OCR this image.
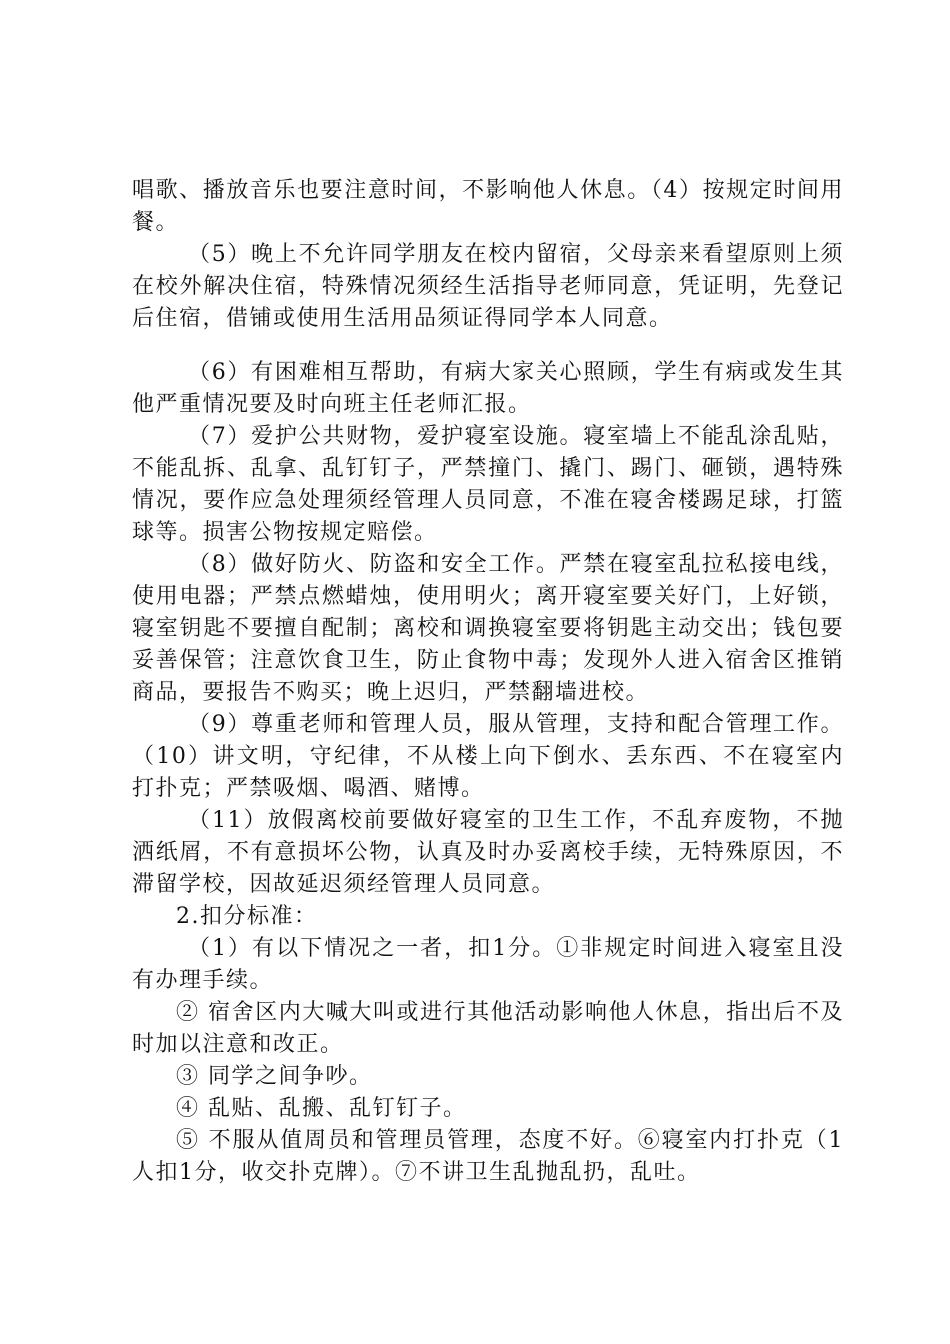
唱歌、播放音乐也要注意时间，不影响他人休息。（4）按规定时间用餐。

（5）晚上不允许同学朋友在校内留宿，父母亲来看望原则上须在校外解决住宿，特殊情况须经生活指导老师同意，凭证明，先登记后住宿，借铺或使用生活用品须证得同学本人同意。

（6）有困难相互帮助，有病大家关心照顾，学生有病或发生其他严重情况要及时向班主任老师汇报。

（7）爱护公共财物，爱护寝室设施。寝室墙上不能乱涂乱贴，不能乱拆、乱拿、乱钉钉子，严禁撞门、撬门、踢门、砸锁，遇特殊情况，要作应急处理须经管理人员同意，不准在寝舍楼踢足球，打篮球等。损害公物按规定赔偿。

（8）做好防火、防盗和安全工作。严禁在寝室乱拉私接电线，使用电器；严禁点燃蜡烛，使用明火；离开寝室要关好门，上好锁，寝室钥匙不要擅自配制；离校和调换寝室要将钥匙主动交出；钱包要妥善保管；注意饮食卫生，防止食物中毒；发现外人进入宿舍区推销商品，要报告不购买；晚上迟归，严禁翻墙进校。

（9）尊重老师和管理人员，服从管理，支持和配合管理工作。（10）讲文明，守纪律，不从楼上向下倒水、丢东西、不在寝室内打扑克；严禁吸烟、喝酒、赌博。

（11）放假离校前要做好寝室的卫生工作，不乱弃废物，不抛洒纸屑，不有意损坏公物，认真及时办妥离校手续，无特殊原因，不滞留学校，因故延迟须经管理人员同意。

2.扣分标准：

（1）有以下情况之一者，扣1分。①非规定时间进入寝室且没有办理手续。

② 宿舍区内大喊大叫或进行其他活动影响他人休息，指出后不及时加以注意和改正。

③ 同学之间争吵。

④ 乱贴、乱搬、乱钉钉子。

⑤ 不服从值周员和管理员管理，态度不好。⑥寝室内打扑克（1人扣1分，收交扑克牌）。⑦不讲卫生乱抛乱扔，乱吐。
